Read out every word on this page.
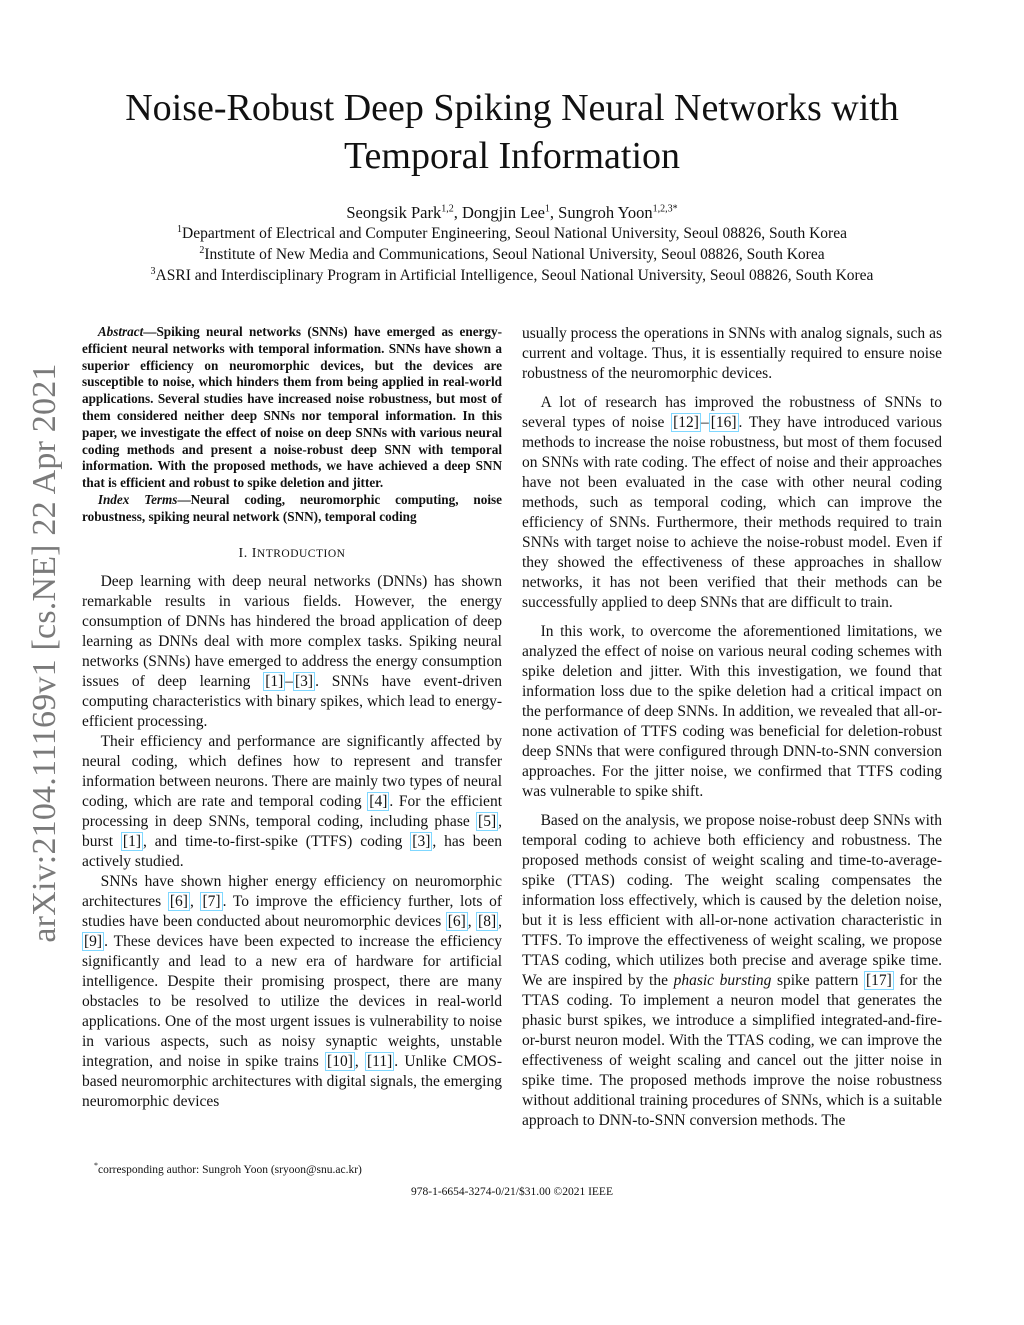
arXiv:2104.11169v1 [cs.NE] 22 Apr 2021
Noise-Robust Deep Spiking Neural Networks with
Temporal Information
Seongsik Park$^{1,2}$, Dongjin Lee$^1$, Sungroh Yoon$^{1,2,3*}$
$^1$Department of Electrical and Computer Engineering, Seoul National University, Seoul 08826, South Korea
$^2$Institute of New Media and Communications, Seoul National University, Seoul 08826, South Korea
$^3$ASRI and Interdisciplinary Program in Artificial Intelligence, Seoul National University, Seoul 08826, South Korea

Abstract—Spiking neural networks (SNNs) have emerged as energy-efficient neural networks with temporal information. SNNs have shown a superior efficiency on neuromorphic devices, but the devices are susceptible to noise, which hinders them from being applied in real-world applications. Several studies have increased noise robustness, but most of them considered neither deep SNNs nor temporal information. In this paper, we investigate the effect of noise on deep SNNs with various neural coding methods and present a noise-robust deep SNN with temporal information. With the proposed methods, we have achieved a deep SNN that is efficient and robust to spike deletion and jitter.

Index Terms—Neural coding, neuromorphic computing, noise robustness, spiking neural network (SNN), temporal coding

I. INTRODUCTION

Deep learning with deep neural networks (DNNs) has shown remarkable results in various fields. However, the energy consumption of DNNs has hindered the broad application of deep learning as DNNs deal with more complex tasks. Spiking neural networks (SNNs) have emerged to address the energy consumption issues of deep learning [1] – [3] . SNNs have event-driven computing characteristics with binary spikes, which lead to energy-efficient processing.

Their efficiency and performance are significantly affected by neural coding, which defines how to represent and transfer information between neurons. There are mainly two types of neural coding, which are rate and temporal coding [4] . For the efficient processing in deep SNNs, temporal coding, including phase [5] , burst [1] , and time-to-first-spike (TTFS) coding [3] , has been actively studied.

SNNs have shown higher energy efficiency on neuromorphic architectures [6] , [7] . To improve the efficiency further, lots of studies have been conducted about neuromorphic devices [6] , [8] , [9] . These devices have been expected to increase the efficiency significantly and lead to a new era of hardware for artificial intelligence. Despite their promising prospect, there are many obstacles to be resolved to utilize the devices in real-world applications. One of the most urgent issues is vulnerability to noise in various aspects, such as noisy synaptic weights, unstable integration, and noise in spike trains [10] , [11] . Unlike CMOS-based neuromorphic architectures with digital signals, the emerging neuromorphic devices

usually process the operations in SNNs with analog signals, such as current and voltage. Thus, it is essentially required to ensure noise robustness of the neuromorphic devices.

A lot of research has improved the robustness of SNNs to several types of noise [12] – [16] . They have introduced various methods to increase the noise robustness, but most of them focused on SNNs with rate coding. The effect of noise and their approaches have not been evaluated in the case with other neural coding methods, such as temporal coding, which can improve the efficiency of SNNs. Furthermore, their methods required to train SNNs with target noise to achieve the noise-robust model. Even if they showed the effectiveness of these approaches in shallow networks, it has not been verified that their methods can be successfully applied to deep SNNs that are difficult to train.

In this work, to overcome the aforementioned limitations, we analyzed the effect of noise on various neural coding schemes with spike deletion and jitter. With this investigation, we found that information loss due to the spike deletion had a critical impact on the performance of deep SNNs. In addition, we revealed that all-or-none activation of TTFS coding was beneficial for deletion-robust deep SNNs that were configured through DNN-to-SNN conversion approaches. For the jitter noise, we confirmed that TTFS coding was vulnerable to spike shift.

Based on the analysis, we propose noise-robust deep SNNs with temporal coding to achieve both efficiency and robustness. The proposed methods consist of weight scaling and time-to-average-spike (TTAS) coding. The weight scaling compensates the information loss effectively, which is caused by the deletion noise, but it is less efficient with all-or-none activation characteristic in TTFS. To improve the effectiveness of weight scaling, we propose TTAS coding, which utilizes both precise and average spike time. We are inspired by the phasic bursting spike pattern [17] for the TTAS coding. To implement a neuron model that generates the phasic burst spikes, we introduce a simplified integrated-and-fire-or-burst neuron model. With the TTAS coding, we can improve the effectiveness of weight scaling and cancel out the jitter noise in spike time. The proposed methods improve the noise robustness without additional training procedures of SNNs, which is a suitable approach to DNN-to-SNN conversion methods. The

*corresponding author: Sungroh Yoon (sryoon@snu.ac.kr)
978-1-6654-3274-0/21/$31.00 ©2021 IEEE
